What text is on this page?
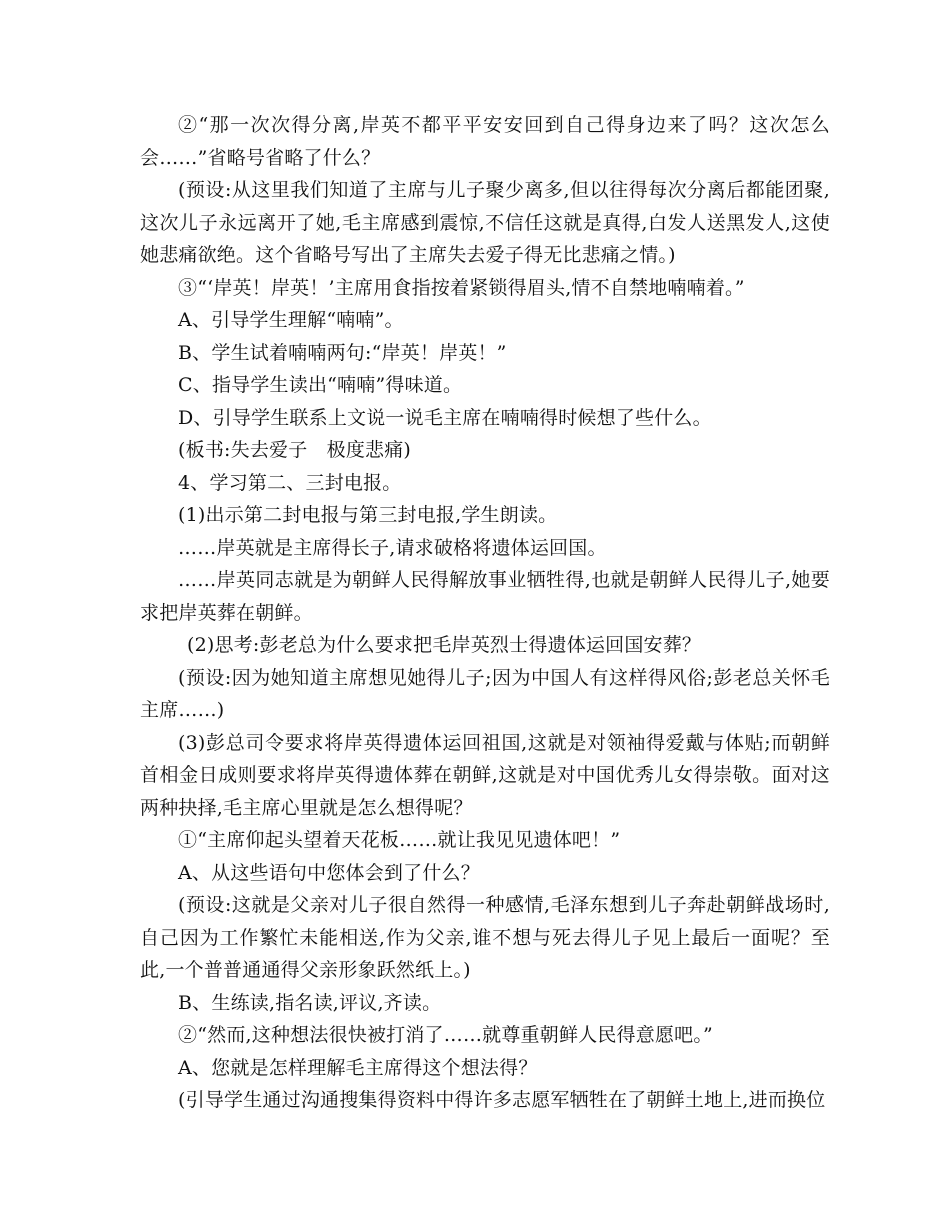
②“那一次次得分离,岸英不都平平安安回到自己得身边来了吗？这次怎么会……”省略号省略了什么？

(预设:从这里我们知道了主席与儿子聚少离多,但以往得每次分离后都能团聚,这次儿子永远离开了她,毛主席感到震惊,不信任这就是真得,白发人送黑发人,这使她悲痛欲绝。这个省略号写出了主席失去爱子得无比悲痛之情。)

③“‘岸英！岸英！’主席用食指按着紧锁得眉头,情不自禁地喃喃着。”

A、引导学生理解“喃喃”。

B、学生试着喃喃两句:“岸英！岸英！”

C、指导学生读出“喃喃”得味道。

D、引导学生联系上文说一说毛主席在喃喃得时候想了些什么。

(板书:失去爱子　极度悲痛)

4、学习第二、三封电报。

(1)出示第二封电报与第三封电报,学生朗读。

……岸英就是主席得长子,请求破格将遗体运回国。

……岸英同志就是为朝鲜人民得解放事业牺牲得,也就是朝鲜人民得儿子,她要求把岸英葬在朝鲜。

(2)思考:彭老总为什么要求把毛岸英烈士得遗体运回国安葬？

(预设:因为她知道主席想见她得儿子;因为中国人有这样得风俗;彭老总关怀毛主席……)

(3)彭总司令要求将岸英得遗体运回祖国,这就是对领袖得爱戴与体贴;而朝鲜首相金日成则要求将岸英得遗体葬在朝鲜,这就是对中国优秀儿女得崇敬。面对这两种抉择,毛主席心里就是怎么想得呢？

①“主席仰起头望着天花板……就让我见见遗体吧！”

A、从这些语句中您体会到了什么？

(预设:这就是父亲对儿子很自然得一种感情,毛泽东想到儿子奔赴朝鲜战场时,自己因为工作繁忙未能相送,作为父亲,谁不想与死去得儿子见上最后一面呢？至此,一个普普通通得父亲形象跃然纸上。)

B、生练读,指名读,评议,齐读。

②“然而,这种想法很快被打消了……就尊重朝鲜人民得意愿吧。”

A、您就是怎样理解毛主席得这个想法得？

(引导学生通过沟通搜集得资料中得许多志愿军牺牲在了朝鲜土地上,进而换位
